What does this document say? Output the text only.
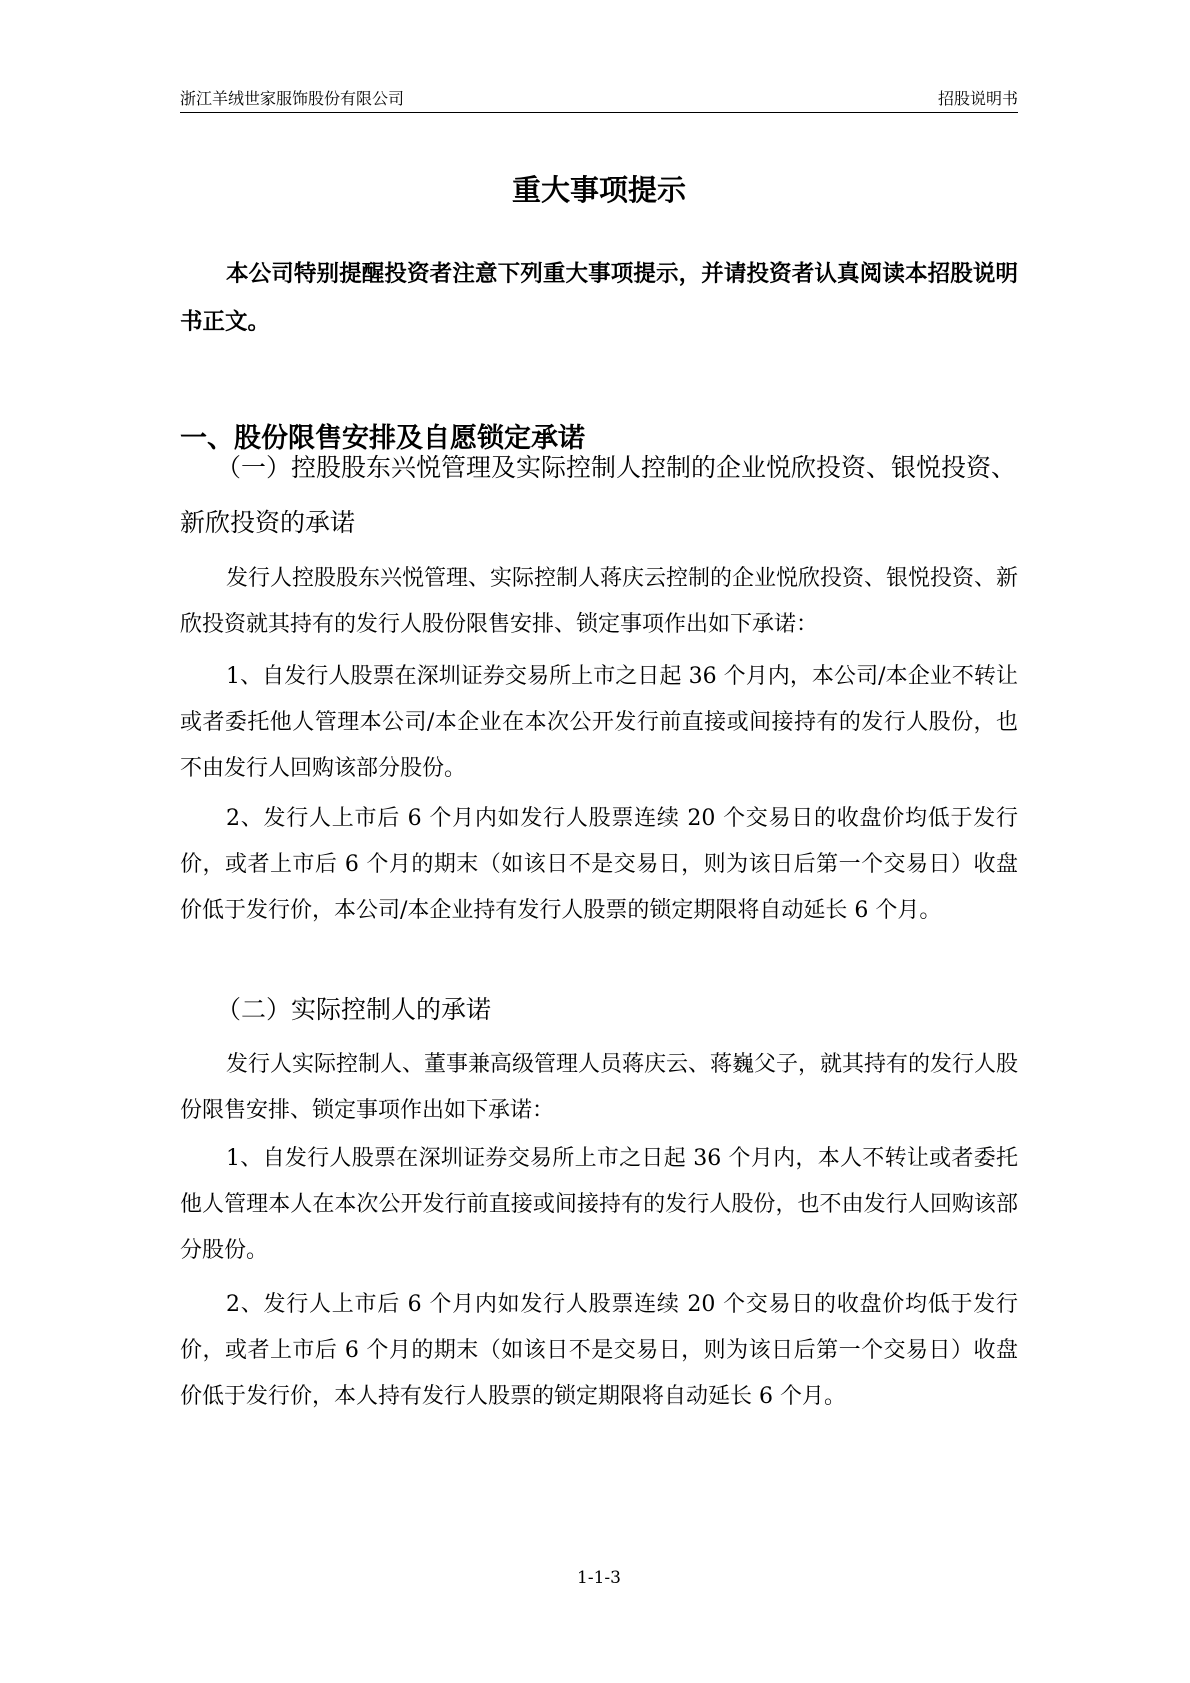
浙江羊绒世家服饰股份有限公司	招股说明书
重大事项提示

本公司特别提醒投资者注意下列重大事项提示，并请投资者认真阅读本招股说明书正文。

一、股份限售安排及自愿锁定承诺

（一）控股股东兴悦管理及实际控制人控制的企业悦欣投资、银悦投资、新欣投资的承诺

发行人控股股东兴悦管理、实际控制人蒋庆云控制的企业悦欣投资、银悦投资、新欣投资就其持有的发行人股份限售安排、锁定事项作出如下承诺：

1、自发行人股票在深圳证券交易所上市之日起 36 个月内，本公司/本企业不转让或者委托他人管理本公司/本企业在本次公开发行前直接或间接持有的发行人股份，也不由发行人回购该部分股份。

2、发行人上市后 6 个月内如发行人股票连续 20 个交易日的收盘价均低于发行价，或者上市后 6 个月的期末（如该日不是交易日，则为该日后第一个交易日）收盘价低于发行价，本公司/本企业持有发行人股票的锁定期限将自动延长 6 个月。

（二）实际控制人的承诺

发行人实际控制人、董事兼高级管理人员蒋庆云、蒋巍父子，就其持有的发行人股份限售安排、锁定事项作出如下承诺：

1、自发行人股票在深圳证券交易所上市之日起 36 个月内，本人不转让或者委托他人管理本人在本次公开发行前直接或间接持有的发行人股份，也不由发行人回购该部分股份。

2、发行人上市后 6 个月内如发行人股票连续 20 个交易日的收盘价均低于发行价，或者上市后 6 个月的期末（如该日不是交易日，则为该日后第一个交易日）收盘价低于发行价，本人持有发行人股票的锁定期限将自动延长 6 个月。

1-1-3
